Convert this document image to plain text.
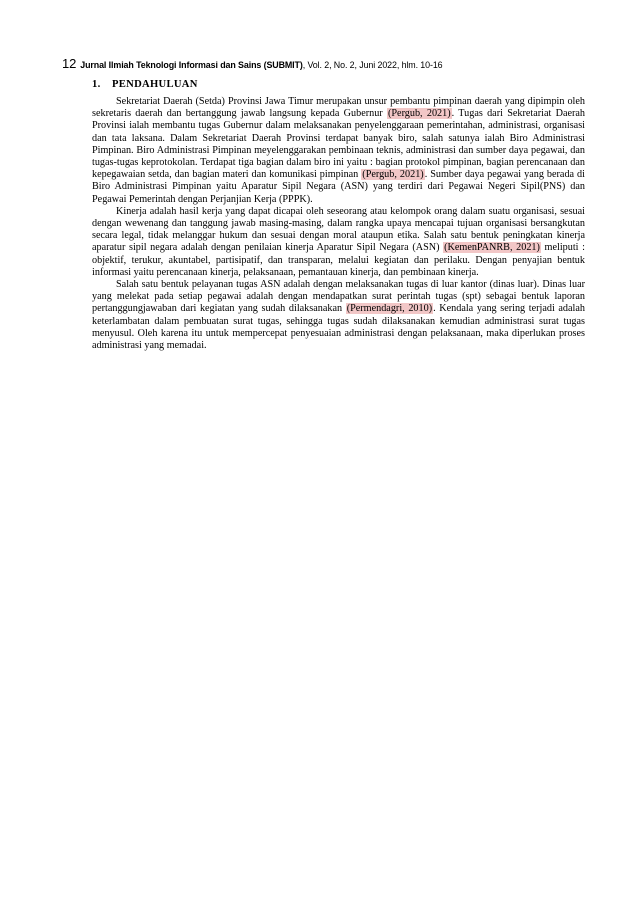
12 Jurnal Ilmiah Teknologi Informasi dan Sains (SUBMIT), Vol. 2, No. 2, Juni 2022, hlm. 10-16
1. PENDAHULUAN

Sekretariat Daerah (Setda) Provinsi Jawa Timur merupakan unsur pembantu pimpinan daerah yang dipimpin oleh sekretaris daerah dan bertanggung jawab langsung kepada Gubernur (Pergub, 2021). Tugas dari Sekretariat Daerah Provinsi ialah membantu tugas Gubernur dalam melaksanakan penyelenggaraan pemerintahan, administrasi, organisasi dan tata laksana. Dalam Sekretariat Daerah Provinsi terdapat banyak biro, salah satunya ialah Biro Administrasi Pimpinan. Biro Administrasi Pimpinan meyelenggarakan pembinaan teknis, administrasi dan sumber daya pegawai, dan tugas-tugas keprotokolan. Terdapat tiga bagian dalam biro ini yaitu : bagian protokol pimpinan, bagian perencanaan dan kepegawaian setda, dan bagian materi dan komunikasi pimpinan (Pergub, 2021). Sumber daya pegawai yang berada di Biro Administrasi Pimpinan yaitu Aparatur Sipil Negara (ASN) yang terdiri dari Pegawai Negeri Sipil(PNS) dan Pegawai Pemerintah dengan Perjanjian Kerja (PPPK).

Kinerja adalah hasil kerja yang dapat dicapai oleh seseorang atau kelompok orang dalam suatu organisasi, sesuai dengan wewenang dan tanggung jawab masing-masing, dalam rangka upaya mencapai tujuan organisasi bersangkutan secara legal, tidak melanggar hukum dan sesuai dengan moral ataupun etika. Salah satu bentuk peningkatan kinerja aparatur sipil negara adalah dengan penilaian kinerja Aparatur Sipil Negara (ASN) (KemenPANRB, 2021) meliputi : objektif, terukur, akuntabel, partisipatif, dan transparan, melalui kegiatan dan perilaku. Dengan penyajian bentuk informasi yaitu perencanaan kinerja, pelaksanaan, pemantauan kinerja, dan pembinaan kinerja.

Salah satu bentuk pelayanan tugas ASN adalah dengan melaksanakan tugas di luar kantor (dinas luar). Dinas luar yang melekat pada setiap pegawai adalah dengan mendapatkan surat perintah tugas (spt) sebagai bentuk laporan pertanggungjawaban dari kegiatan yang sudah dilaksanakan (Permendagri, 2010). Kendala yang sering terjadi adalah keterlambatan dalam pembuatan surat tugas, sehingga tugas sudah dilaksanakan kemudian administrasi surat tugas menyusul. Oleh karena itu untuk mempercepat penyesuaian administrasi dengan pelaksanaan, maka diperlukan proses administrasi yang memadai.
